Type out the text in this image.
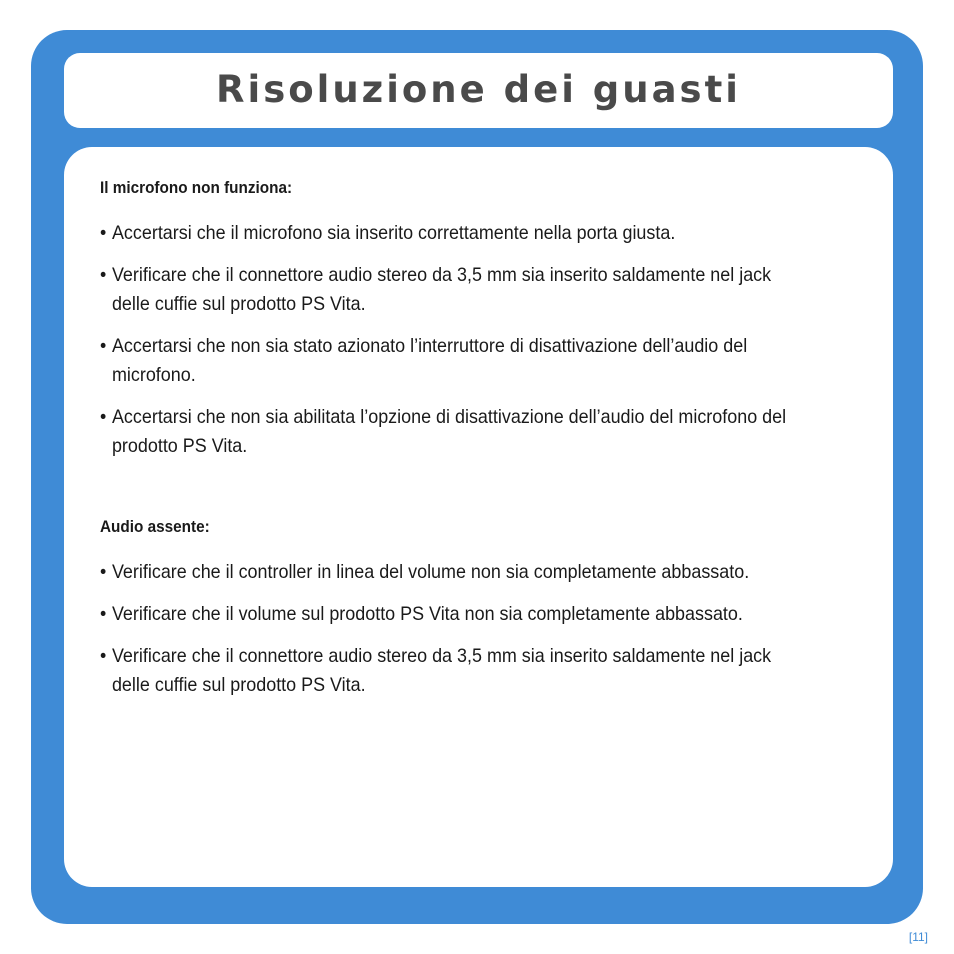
Risoluzione dei guasti
Il microfono non funziona:
• Accertarsi che il microfono sia inserito correttamente nella porta giusta.
• Verificare che il connettore audio stereo da 3,5 mm sia inserito saldamente nel jack delle cuffie sul prodotto PS Vita.
• Accertarsi che non sia stato azionato l’interruttore di disattivazione dell’audio del microfono.
• Accertarsi che non sia abilitata l’opzione di disattivazione dell’audio del microfono del prodotto PS Vita.
Audio assente:
• Verificare che il controller in linea del volume non sia completamente abbassato.
• Verificare che il volume sul prodotto PS Vita non sia completamente abbassato.
• Verificare che il connettore audio stereo da 3,5 mm sia inserito saldamente nel jack delle cuffie sul prodotto PS Vita.
[11]
